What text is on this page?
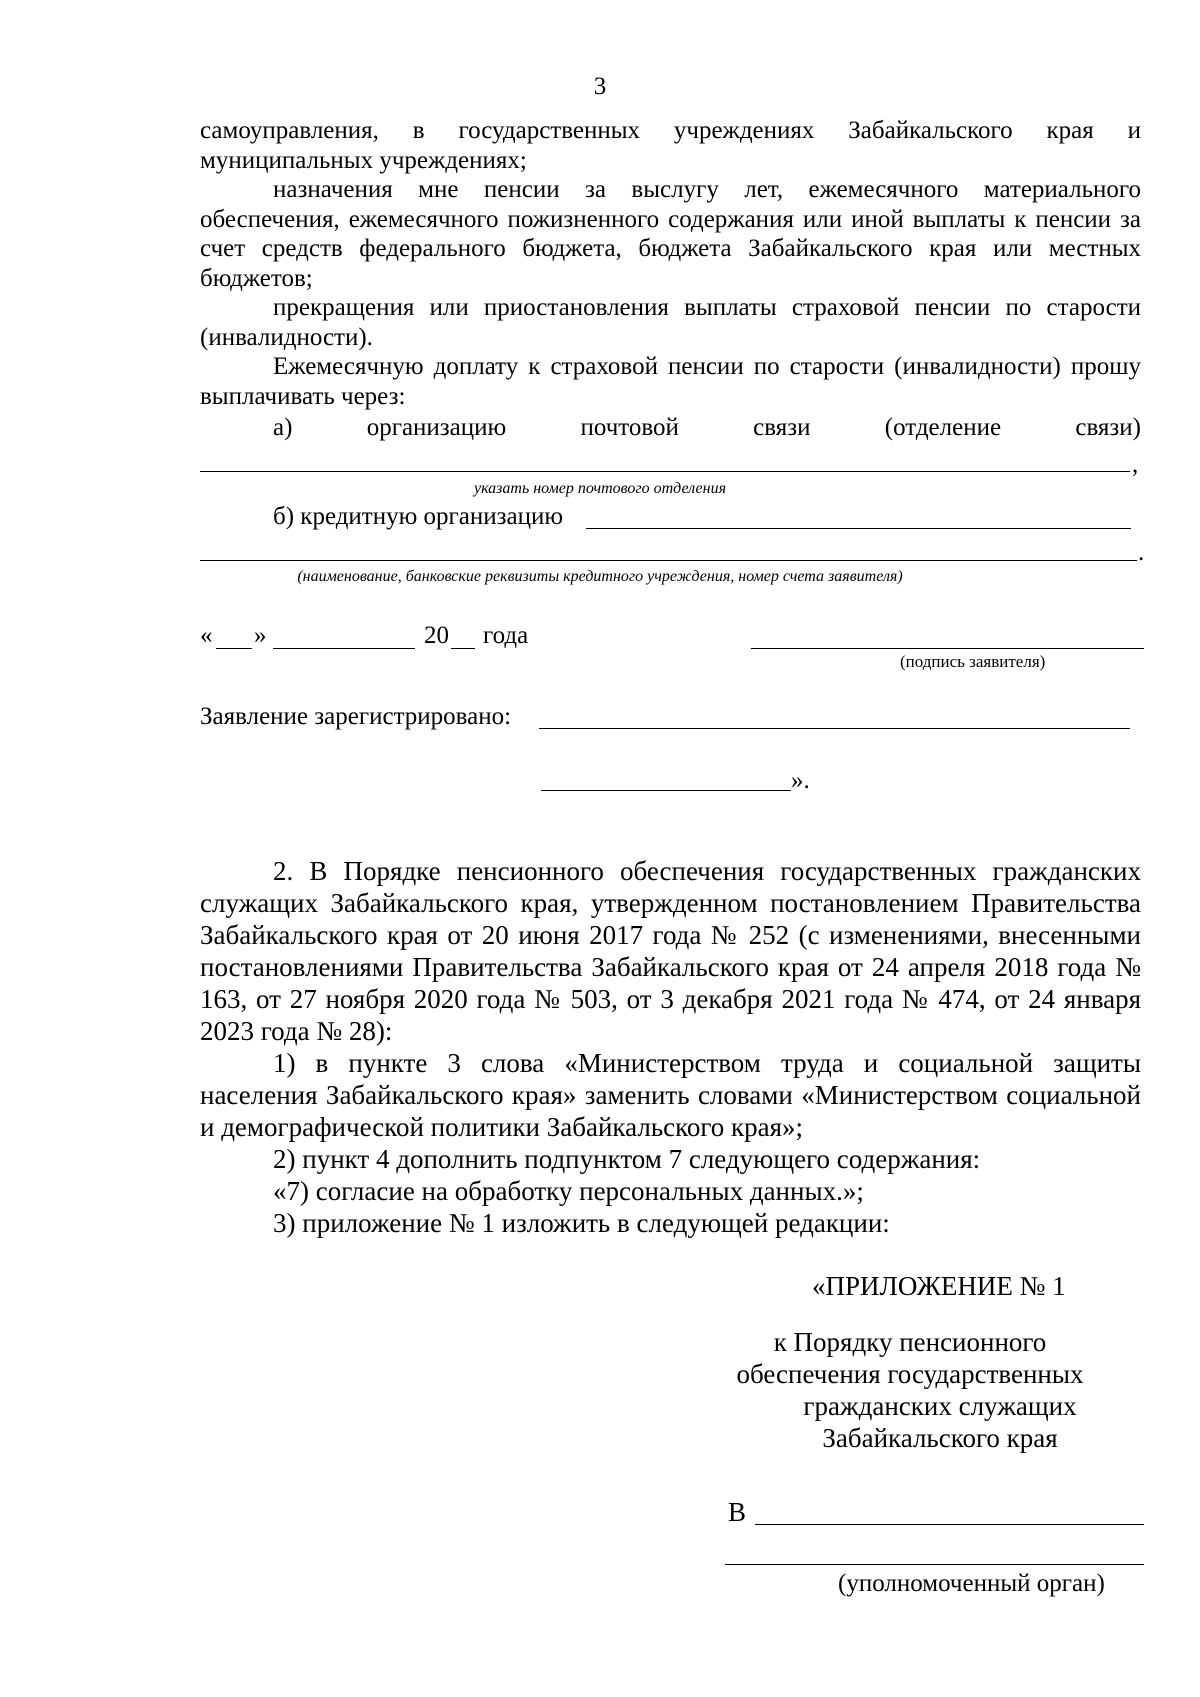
3
самоуправления, в государственных учреждениях Забайкальского края и
муниципальных учреждениях;
назначения мне пенсии за выслугу лет, ежемесячного материального обеспечения, ежемесячного пожизненного содержания или иной выплаты к пенсии за счет средств федерального бюджета, бюджета Забайкальского края или местных бюджетов;
прекращения или приостановления выплаты страховой пенсии по старости (инвалидности).
Ежемесячную доплату к страховой пенсии по старости (инвалидности) прошу выплачивать через:
а)	организацию	почтовой	связи	(отделение	связи)
,
указать номер почтового отделения
б) кредитную организацию
.
(наименование, банковские реквизиты кредитного учреждения, номер счета заявителя)
« »	20 года
(подпись заявителя)
Заявление зарегистрировано:
».
2. В Порядке пенсионного обеспечения государственных гражданских служащих Забайкальского края, утвержденном постановлением Правительства Забайкальского края от 20 июня 2017 года № 252 (с изменениями, внесенными постановлениями Правительства Забайкальского края от 24 апреля 2018 года № 163, от 27 ноября 2020 года № 503, от 3 декабря 2021 года № 474, от 24 января 2023 года № 28):
1) в пункте 3 слова «Министерством труда и социальной защиты населения Забайкальского края» заменить словами «Министерством социальной и демографической политики Забайкальского края»;
2) пункт 4 дополнить подпунктом 7 следующего содержания:
«7) согласие на обработку персональных данных.»;
3) приложение № 1 изложить в следующей редакции:
«ПРИЛОЖЕНИЕ № 1
к Порядку пенсионного
обеспечения государственных
гражданских служащих
Забайкальского края
В
(уполномоченный орган)
